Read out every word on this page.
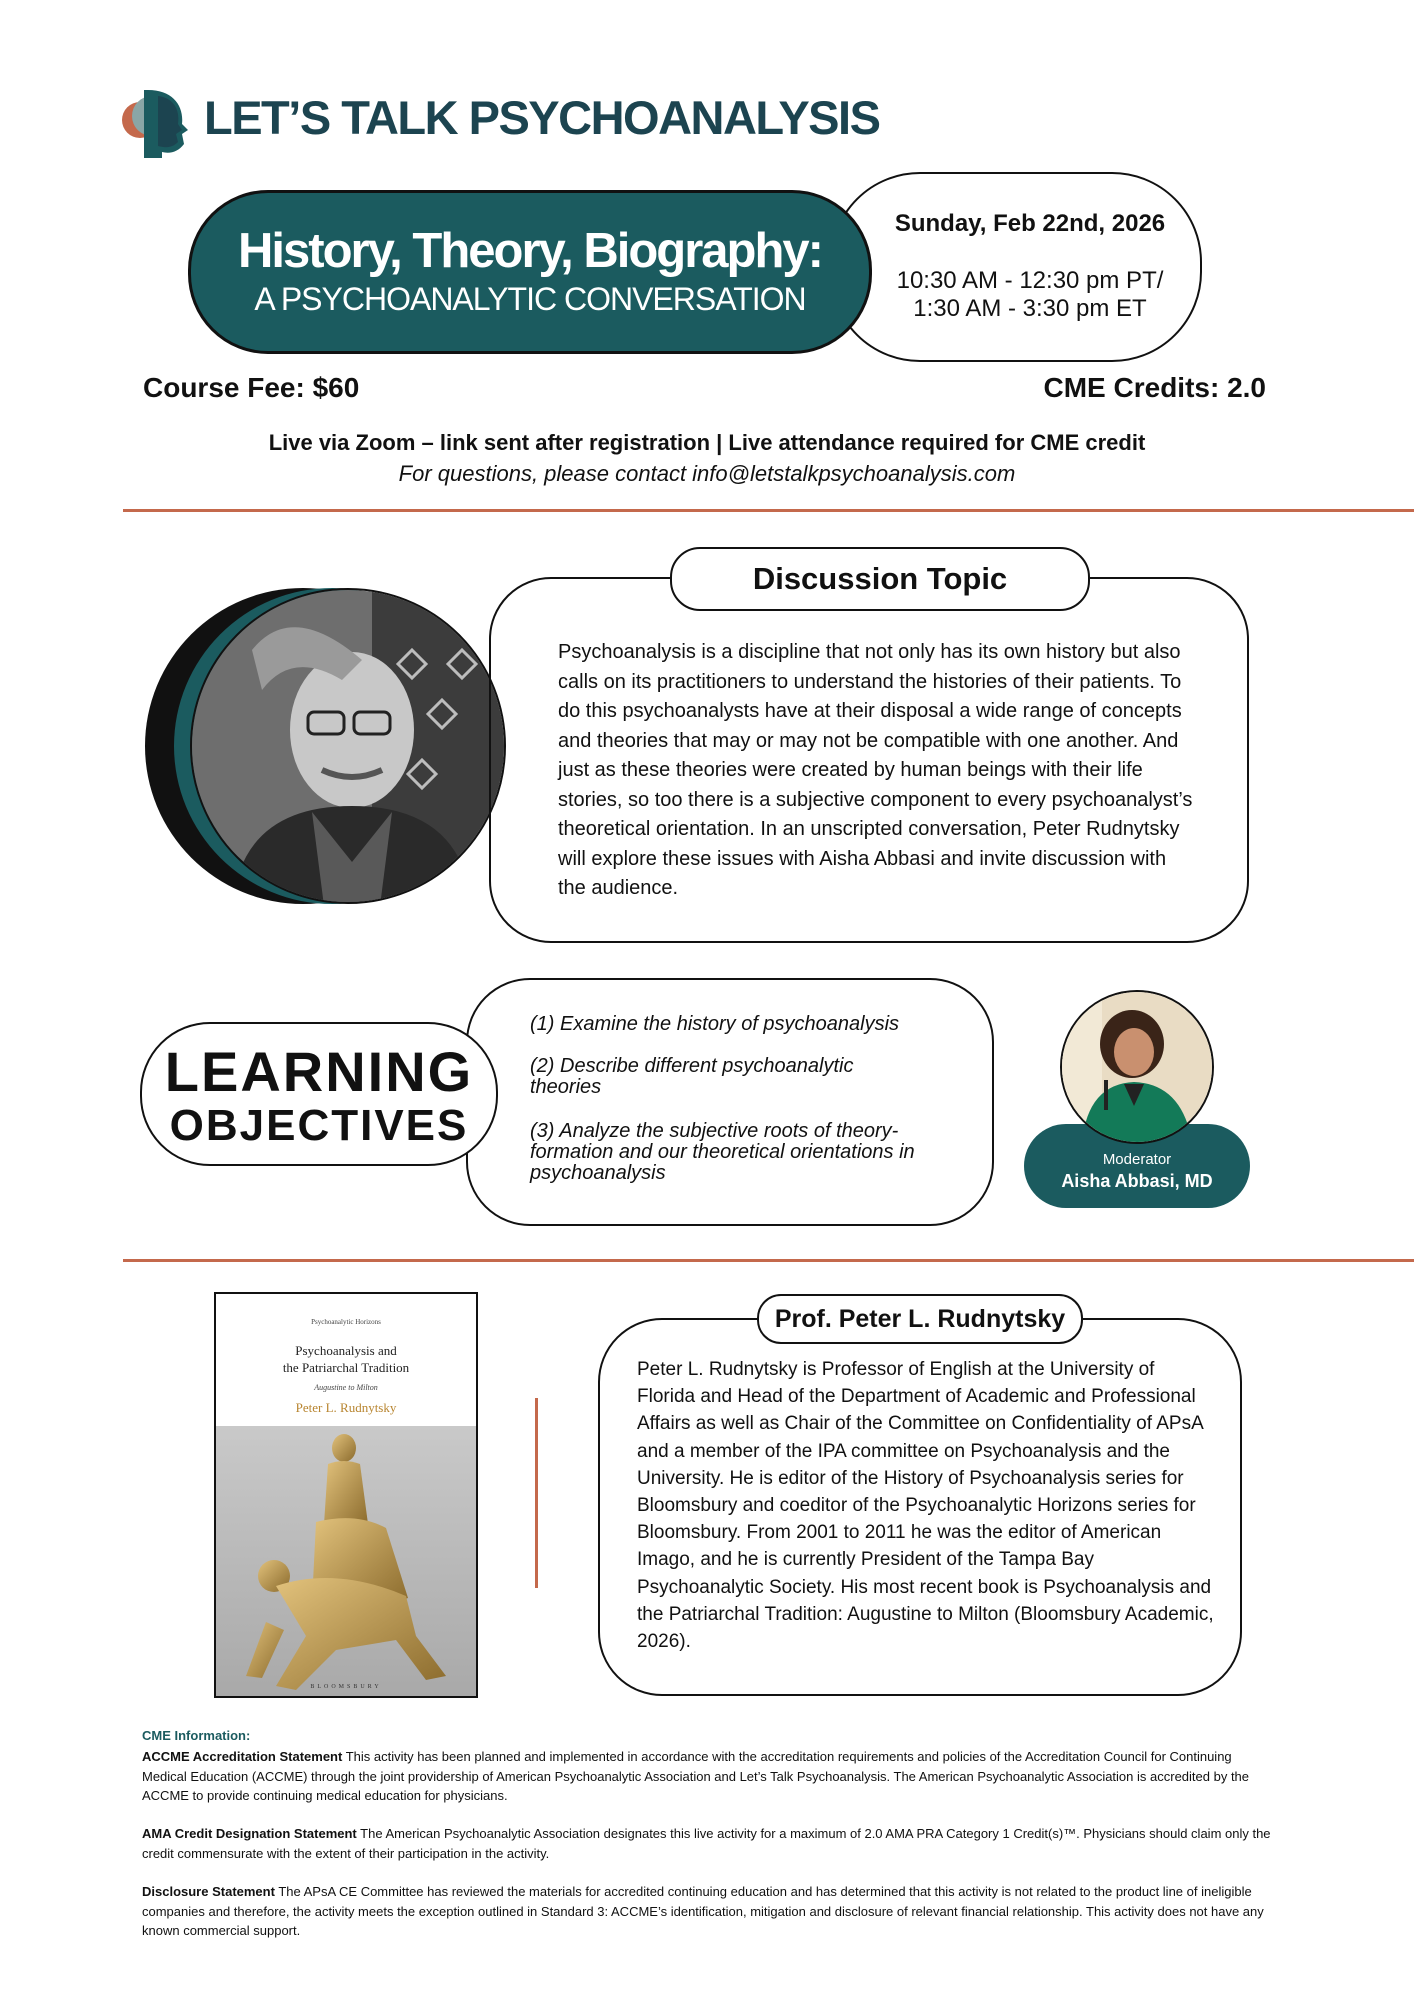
LET’S TALK PSYCHOANALYSIS
Sunday, Feb 22nd, 2026
10:30 AM - 12:30 pm PT/
1:30 AM - 3:30 pm ET
History, Theory, Biography:
A PSYCHOANALYTIC CONVERSATION
Course Fee: $60	CME Credits: 2.0
Live via Zoom – link sent after registration | Live attendance required for CME credit
For questions, please contact info@letstalkpsychoanalysis.com
Discussion Topic
Psychoanalysis is a discipline that not only has its own history but also calls on its practitioners to understand the histories of their patients. To do this psychoanalysts have at their disposal a wide range of concepts and theories that may or may not be compatible with one another. And just as these theories were created by human beings with their life stories, so too there is a subjective component to every psychoanalyst’s theoretical orientation. In an unscripted conversation, Peter Rudnytsky will explore these issues with Aisha Abbasi and invite discussion with the audience.
LEARNING
OBJECTIVES
(1) Examine the history of psychoanalysis
(2) Describe different psychoanalytic theories
(3) Analyze the subjective roots of theory-formation and our theoretical orientations in psychoanalysis
Moderator
Aisha Abbasi, MD
Psychoanalytic Horizons
Psychoanalysis and
the Patriarchal Tradition
Augustine to Milton
Peter L. Rudnytsky
BLOOMSBURY
Prof. Peter L. Rudnytsky
Peter L. Rudnytsky is Professor of English at the University of Florida and Head of the Department of Academic and Professional Affairs as well as Chair of the Committee on Confidentiality of APsA and a member of the IPA committee on Psychoanalysis and the University. He is editor of the History of Psychoanalysis series for Bloomsbury and coeditor of the Psychoanalytic Horizons series for Bloomsbury. From 2001 to 2011 he was the editor of American Imago, and he is currently President of the Tampa Bay Psychoanalytic Society. His most recent book is Psychoanalysis and the Patriarchal Tradition: Augustine to Milton (Bloomsbury Academic, 2026).
CME Information:
ACCME Accreditation Statement This activity has been planned and implemented in accordance with the accreditation requirements and policies of the Accreditation Council for Continuing Medical Education (ACCME) through the joint providership of American Psychoanalytic Association and Let’s Talk Psychoanalysis. The American Psychoanalytic Association is accredited by the ACCME to provide continuing medical education for physicians.
AMA Credit Designation Statement The American Psychoanalytic Association designates this live activity for a maximum of 2.0 AMA PRA Category 1 Credit(s)™. Physicians should claim only the credit commensurate with the extent of their participation in the activity.
Disclosure Statement The APsA CE Committee has reviewed the materials for accredited continuing education and has determined that this activity is not related to the product line of ineligible companies and therefore, the activity meets the exception outlined in Standard 3: ACCME’s identification, mitigation and disclosure of relevant financial relationship. This activity does not have any known commercial support.
